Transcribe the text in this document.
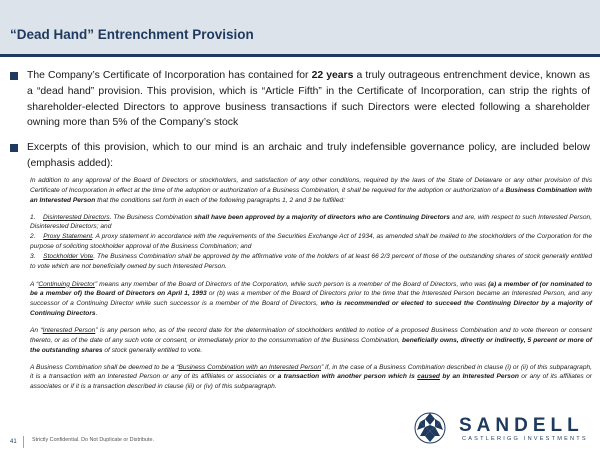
“Dead Hand” Entrenchment Provision
The Company’s Certificate of Incorporation has contained for 22 years a truly outrageous entrenchment device, known as a “dead hand” provision. This provision, which is “Article Fifth” in the Certificate of Incorporation, can strip the rights of shareholder-elected Directors to approve business transactions if such Directors were elected following a shareholder owning more than 5% of the Company’s stock
Excerpts of this provision, which to our mind is an archaic and truly indefensible governance policy, are included below (emphasis added):

In addition to any approval of the Board of Directors or stockholders, and satisfaction of any other conditions, required by the laws of the State of Delaware or any other provision of this Certificate of Incorporation in effect at the time of the adoption or authorization of a Business Combination, it shall be required for the adoption or authorization of a Business Combination with an Interested Person that the conditions set forth in each of the following paragraphs 1, 2 and 3 be fulfilled:

1. Disinterested Directors. The Business Combination shall have been approved by a majority of directors who are Continuing Directors and are, with respect to such Interested Person, Disinterested Directors; and

2. Proxy Statement. A proxy statement in accordance with the requirements of the Securities Exchange Act of 1934, as amended shall be mailed to the stockholders of the Corporation for the purpose of soliciting stockholder approval of the Business Combination; and

3. Stockholder Vote. The Business Combination shall be approved by the affirmative vote of the holders of at least 66 2/3 percent of those of the outstanding shares of stock generally entitled to vote which are not beneficially owned by such Interested Person.

A “Continuing Director” means any member of the Board of Directors of the Corporation, while such person is a member of the Board of Directors, who was (a) a member of (or nominated to be a member of) the Board of Directors on April 1, 1993 or (b) was a member of the Board of Directors prior to the time that the Interested Person became an Interested Person, and any successor of a Continuing Director while such successor is a member of the Board of Directors, who is recommended or elected to succeed the Continuing Director by a majority of Continuing Directors.

An “Interested Person” is any person who, as of the record date for the determination of stockholders entitled to notice of a proposed Business Combination and to vote thereon or consent thereto, or as of the date of any such vote or consent, or immediately prior to the consummation of the Business Combination, beneficially owns, directly or indirectly, 5 percent or more of the outstanding shares of stock generally entitled to vote.

A Business Combination shall be deemed to be a “Business Combination with an Interested Person” if, in the case of a Business Combination described in clause (i) or (ii) of this subparagraph, it is a transaction with an Interested Person or any of its affiliates or associates or a transaction with another person which is caused by an Interested Person or any of its affiliates or associates or if it is a transaction described in clause (iii) or (iv) of this subparagraph.

41	Strictly Confidential. Do Not Duplicate or Distribute.
SANDELL
CASTLERIGG INVESTMENTS
